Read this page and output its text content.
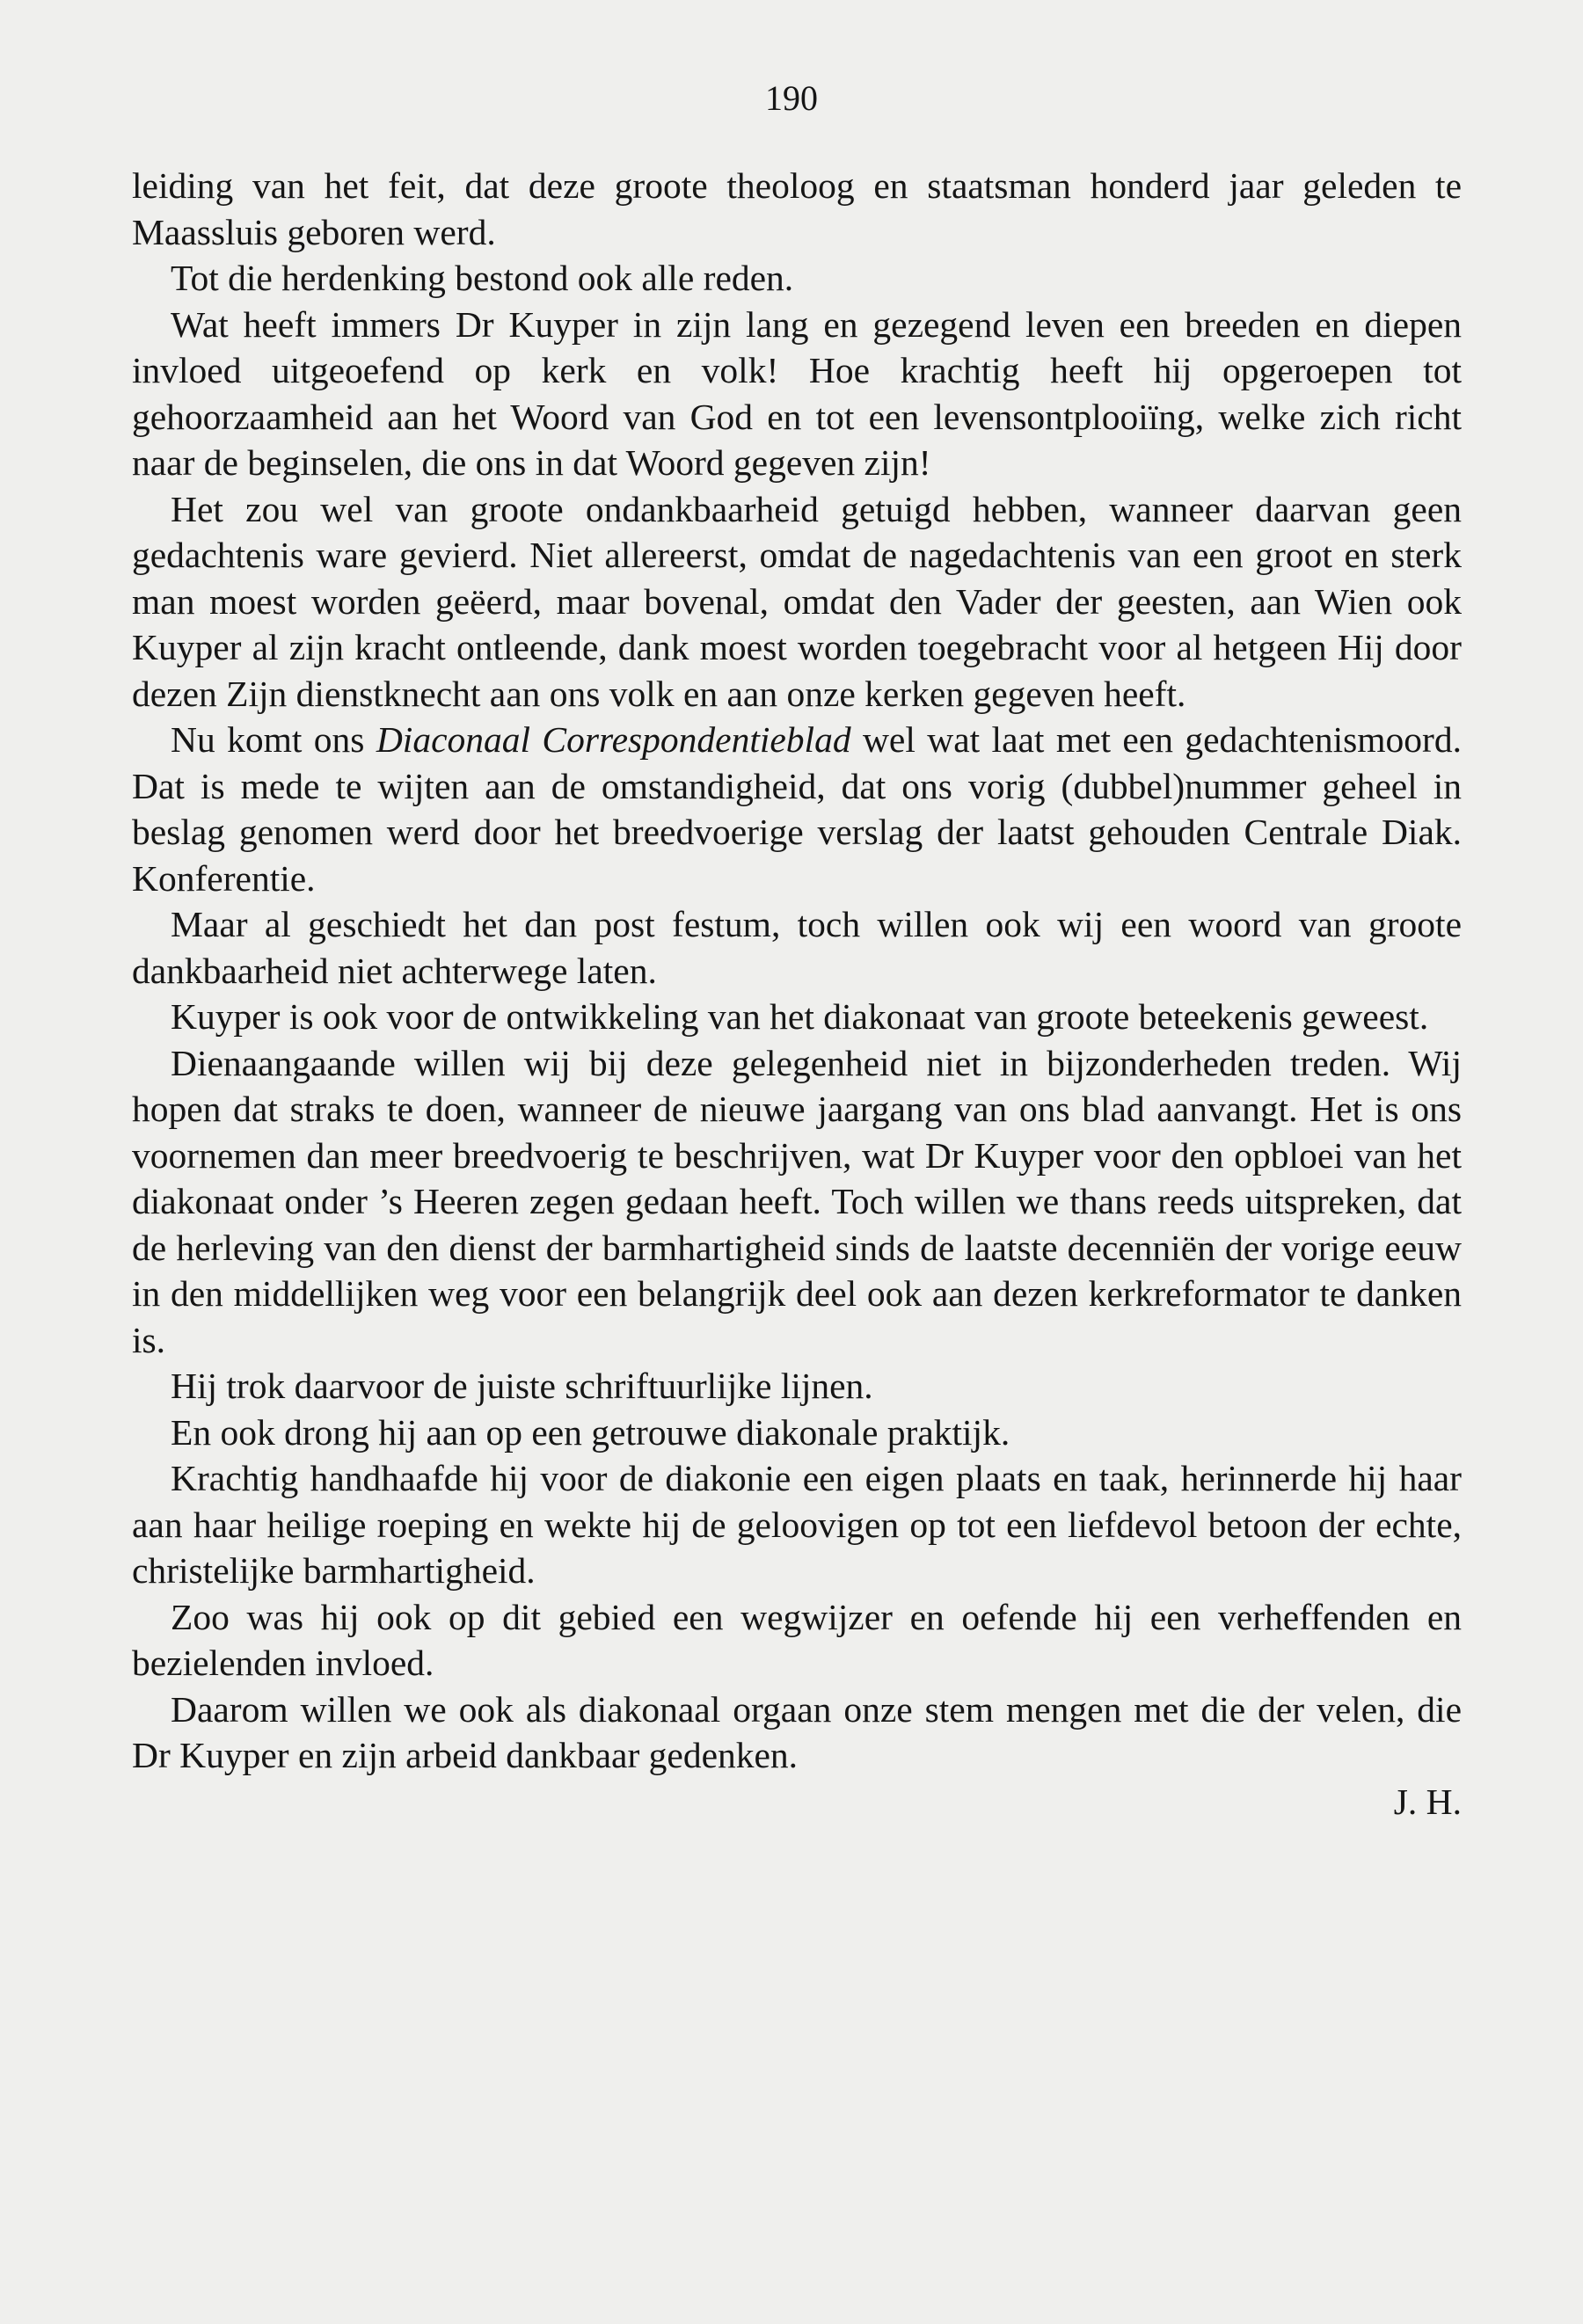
190

leiding van het feit, dat deze groote theoloog en staatsman honderd jaar geleden te Maassluis geboren werd.

Tot die herdenking bestond ook alle reden.

Wat heeft immers Dr Kuyper in zijn lang en gezegend leven een breeden en diepen invloed uitgeoefend op kerk en volk! Hoe krachtig heeft hij opgeroepen tot gehoorzaamheid aan het Woord van God en tot een levensontplooiïng, welke zich richt naar de beginselen, die ons in dat Woord gegeven zijn!

Het zou wel van groote ondankbaarheid getuigd hebben, wanneer daarvan geen gedachtenis ware gevierd. Niet allereerst, omdat de nagedachtenis van een groot en sterk man moest worden geëerd, maar bovenal, omdat den Vader der geesten, aan Wien ook Kuyper al zijn kracht ontleende, dank moest worden toegebracht voor al hetgeen Hij door dezen Zijn dienstknecht aan ons volk en aan onze kerken gegeven heeft.

Nu komt ons Diaconaal Correspondentieblad wel wat laat met een gedachtenismoord. Dat is mede te wijten aan de omstandigheid, dat ons vorig (dubbel)nummer geheel in beslag genomen werd door het breedvoerige verslag der laatst gehouden Centrale Diak. Konferentie.

Maar al geschiedt het dan post festum, toch willen ook wij een woord van groote dankbaarheid niet achterwege laten.

Kuyper is ook voor de ontwikkeling van het diakonaat van groote beteekenis geweest.

Dienaangaande willen wij bij deze gelegenheid niet in bijzonderheden treden. Wij hopen dat straks te doen, wanneer de nieuwe jaargang van ons blad aanvangt. Het is ons voornemen dan meer breedvoerig te beschrijven, wat Dr Kuyper voor den opbloei van het diakonaat onder ’s Heeren zegen gedaan heeft. Toch willen we thans reeds uitspreken, dat de herleving van den dienst der barmhartigheid sinds de laatste decenniën der vorige eeuw in den middellijken weg voor een belangrijk deel ook aan dezen kerkreformator te danken is.

Hij trok daarvoor de juiste schriftuurlijke lijnen.

En ook drong hij aan op een getrouwe diakonale praktijk.

Krachtig handhaafde hij voor de diakonie een eigen plaats en taak, herinnerde hij haar aan haar heilige roeping en wekte hij de geloovigen op tot een liefdevol betoon der echte, christelijke barmhartigheid.

Zoo was hij ook op dit gebied een wegwijzer en oefende hij een verheffenden en bezielenden invloed.

Daarom willen we ook als diakonaal orgaan onze stem mengen met die der velen, die Dr Kuyper en zijn arbeid dankbaar gedenken.

J. H.
